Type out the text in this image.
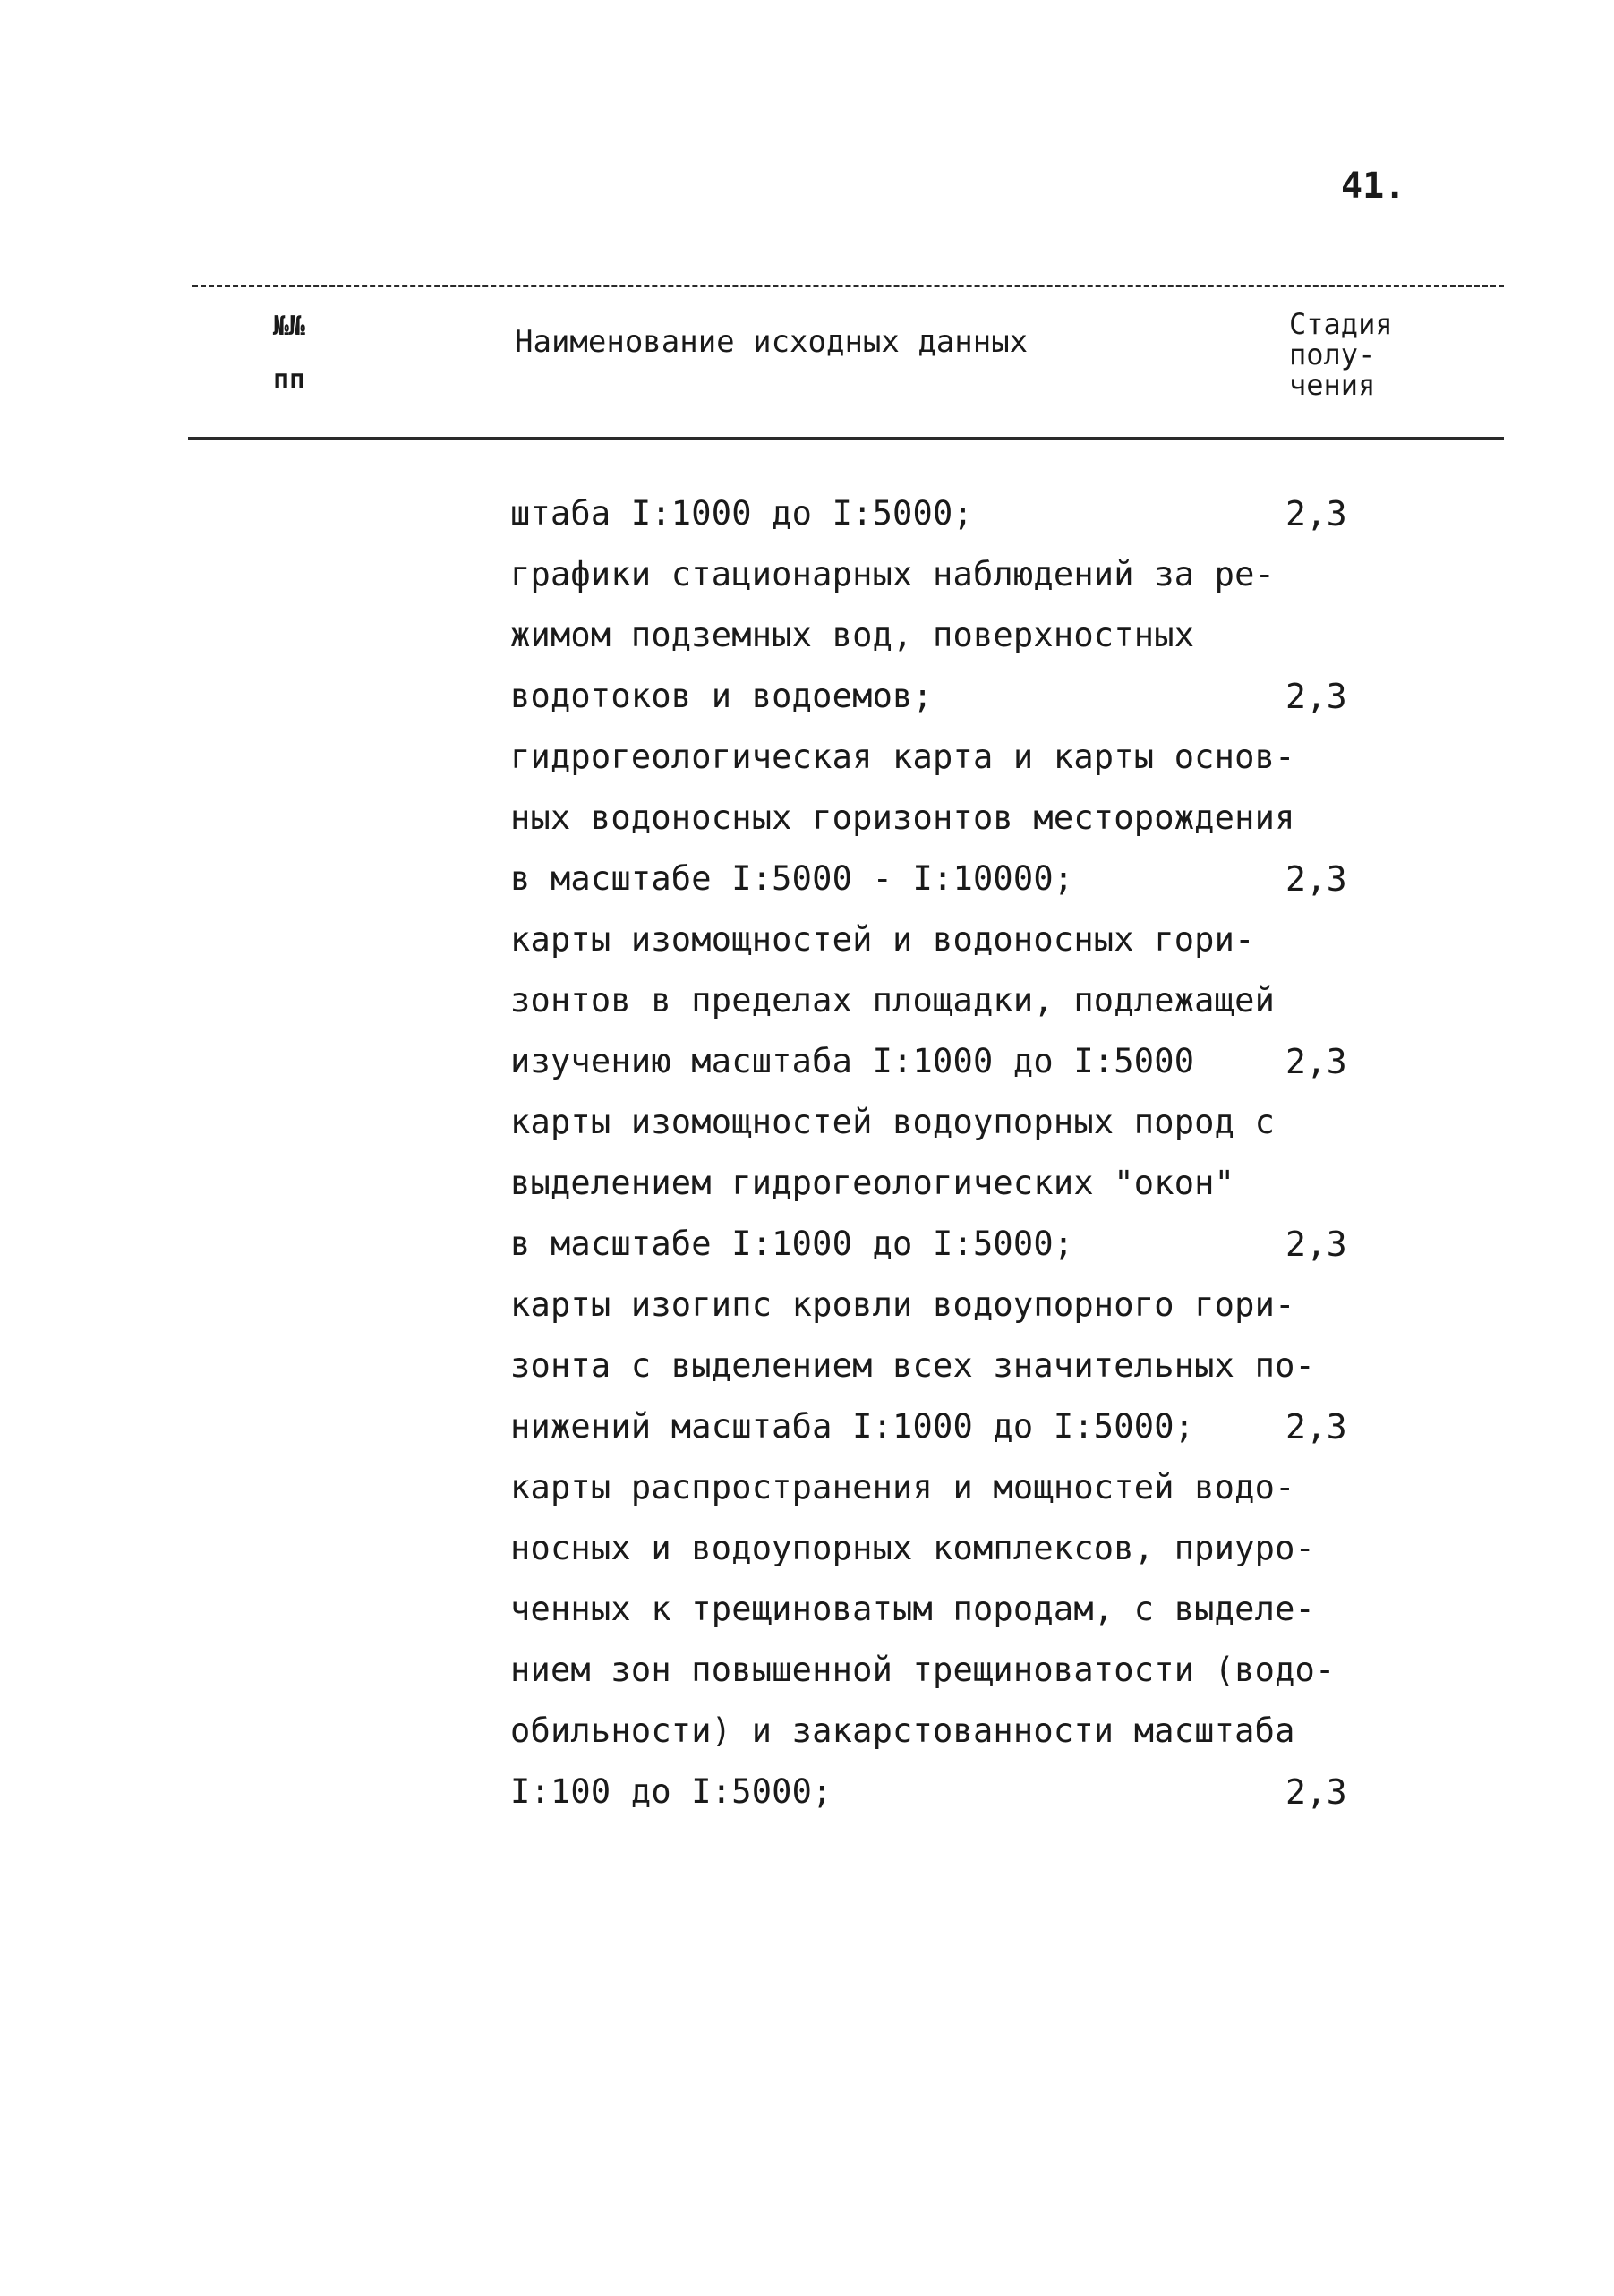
41.
№№
пп
Наименование исходных данных	Стадия
полу-
чения
штаба I:1000 до I:5000;	2,3
графики стационарных наблюдений за ре-
жимом подземных вод, поверхностных
водотоков и водоемов;	2,3
гидрогеологическая карта и карты основ-
ных водоносных горизонтов месторождения
в масштабе I:5000 - I:10000;	2,3
карты изомощностей и водоносных гори-
зонтов в пределах площадки, подлежащей
изучению масштаба I:1000 до I:5000	2,3
карты изомощностей водоупорных пород с
выделением гидрогеологических "окон"
в масштабе I:1000 до I:5000;	2,3
карты изогипс кровли водоупорного гори-
зонта с выделением всех значительных по-
нижений масштаба I:1000 до I:5000;	2,3
карты распространения и мощностей водо-
носных и водоупорных комплексов, приуро-
ченных к трещиноватым породам, с выделе-
нием зон повышенной трещиноватости (водо-
обильности) и закарстованности масштаба
I:100 до I:5000;	2,3
